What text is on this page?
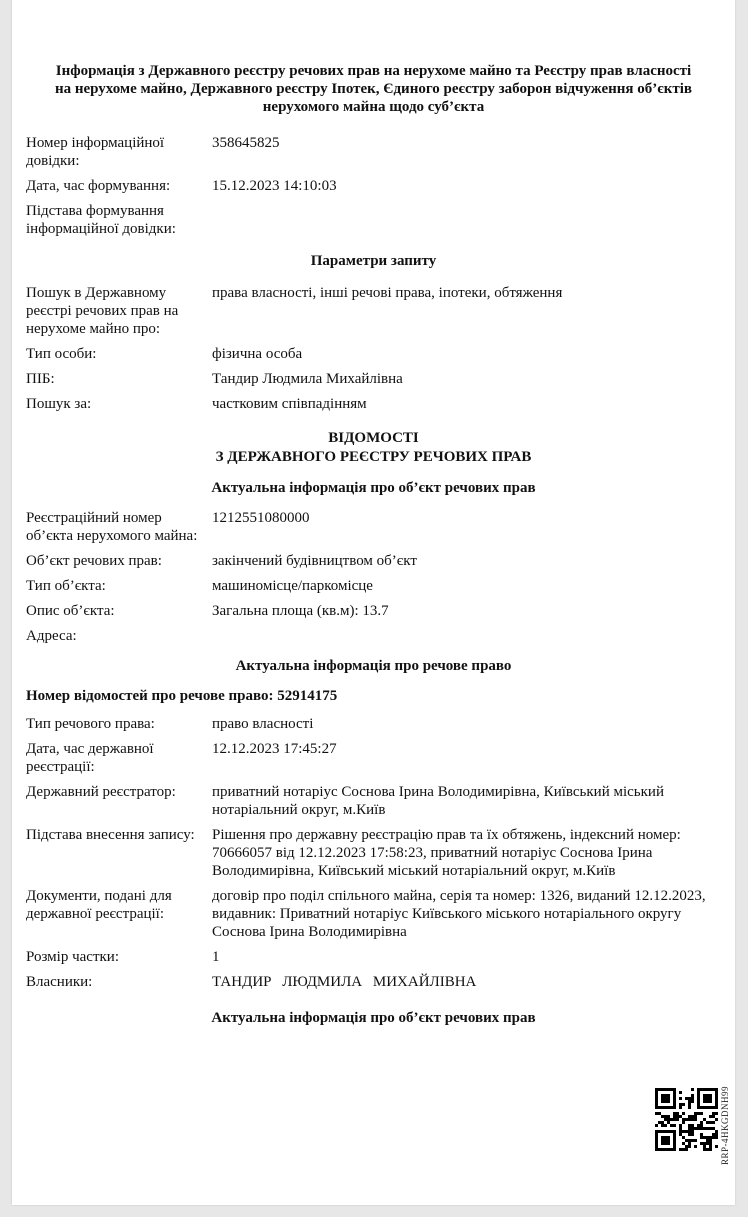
Інформація з Державного реєстру речових прав на нерухоме майно та Реєстру прав власності на нерухоме майно, Державного реєстру Іпотек, Єдиного реєстру заборон відчуження об’єктів нерухомого майна щодо суб’єкта
Номер інформаційної довідки:
358645825
Дата, час формування:	15.12.2023 14:10:03
Підстава формування інформаційної довідки:
Параметри запиту
Пошук в Державному реєстрі речових прав на нерухоме майно про:
права власності, інші речові права, іпотеки, обтяження
Тип особи:	фізична особа
ПІБ:	Тандир Людмила Михайлівна
Пошук за:	частковим співпадінням
ВІДОМОСТІ
З ДЕРЖАВНОГО РЕЄСТРУ РЕЧОВИХ ПРАВ
Актуальна інформація про об’єкт речових прав
Реєстраційний номер об’єкта нерухомого майна:
1212551080000
Об’єкт речових прав:	закінчений будівництвом об’єкт
Тип об’єкта:	машиномісце/паркомісце
Опис об’єкта:	Загальна площа (кв.м): 13.7
Адреса:
Актуальна інформація про речове право

Номер відомостей про речове право: 52914175

Тип речового права:	право власності
Дата, час державної реєстрації:
12.12.2023 17:45:27
Державний реєстратор:	приватний нотаріус Соснова Ірина Володимирівна, Київський міський нотаріальний округ, м.Київ
Підстава внесення запису:	Рішення про державну реєстрацію прав та їх обтяжень, індексний номер: 70666057 від 12.12.2023 17:58:23, приватний нотаріус Соснова Ірина Володимирівна, Київський міський нотаріальний округ, м.Київ
Документи, подані для державної реєстрації:
договір про поділ спільного майна, серія та номер: 1326, виданий 12.12.2023, видавник: Приватний нотаріус Київського міського нотаріального округу Соснова Ірина Володимирівна
Розмір частки:	1
Власники:	ТАНДИР ЛЮДМИЛА МИХАЙЛІВНА
Актуальна інформація про об’єкт речових прав
RRP-4HKGDNH99
